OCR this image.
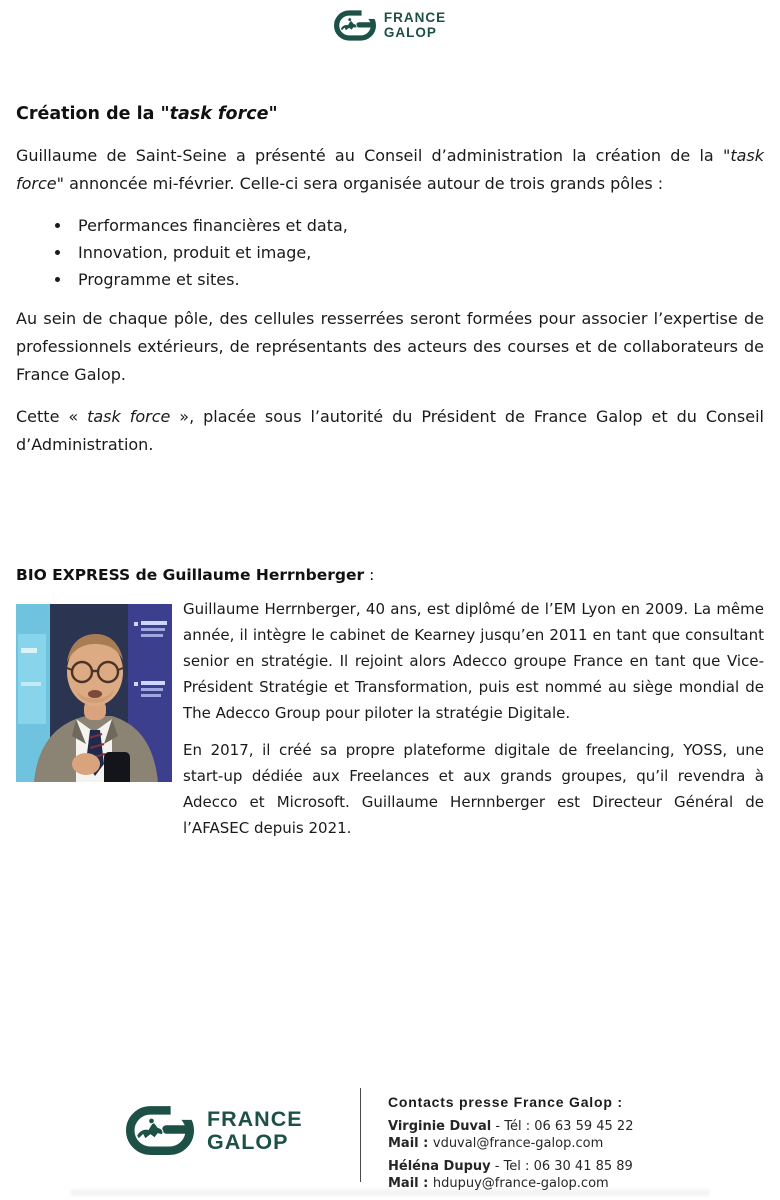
FRANCE
GALOP
Création de la "task force"

Guillaume de Saint-Seine a présenté au Conseil d’administration la création de la "task force" annoncée mi-février. Celle-ci sera organisée autour de trois grands pôles :

• Performances financières et data,
• Innovation, produit et image,
• Programme et sites.

Au sein de chaque pôle, des cellules resserrées seront formées pour associer l’expertise de professionnels extérieurs, de représentants des acteurs des courses et de collaborateurs de France Galop.

Cette « task force », placée sous l’autorité du Président de France Galop et du Conseil d’Administration.

BIO EXPRESS de Guillaume Herrnberger :

Guillaume Herrnberger, 40 ans, est diplômé de l’EM Lyon en 2009. La même année, il intègre le cabinet de Kearney jusqu’en 2011 en tant que consultant senior en stratégie. Il rejoint alors Adecco groupe France en tant que Vice-Président Stratégie et Transformation, puis est nommé au siège mondial de The Adecco Group pour piloter la stratégie Digitale.

En 2017, il créé sa propre plateforme digitale de freelancing, YOSS, une start-up dédiée aux Freelances et aux grands groupes, qu’il revendra à Adecco et Microsoft. Guillaume Hernnberger est Directeur Général de l’AFASEC depuis 2021.

FRANCE
GALOP
Contacts presse France Galop :
Virginie Duval - Tél : 06 63 59 45 22
Mail : vduval@france-galop.com
Héléna Dupuy - Tel : 06 30 41 85 89
Mail : hdupuy@france-galop.com
